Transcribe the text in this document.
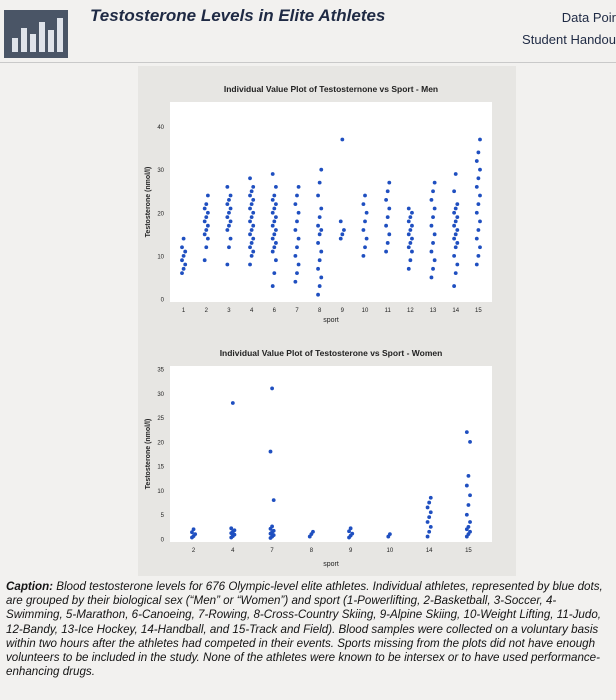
Testosterone Levels in Elite Athletes	Data Poir
Student Handou
Individual Value Plot of Testosternone vs Sport - Men
0
10
20
30
40
1	2	3	4	6	7	8	9	10	11	12	13	14	15
sport
Testosterone (nmol/l)
Individual Value Plot of Testosterone vs Sport - Women
0
5
10
15
20
25
30
35
2	4	7	8	9	10	14	15
sport
Testosterone (nmol/l)
Caption: Blood testosterone levels for 676 Olympic-level elite athletes. Individual athletes, represented by blue dots, are grouped by their biological sex (“Men” or “Women”) and sport (1-Powerlifting, 2-Basketball, 3-Soccer, 4-Swimming, 5-Marathon, 6-Canoeing, 7-Rowing, 8-Cross-Country Skiing, 9-Alpine Skiing, 10-Weight Lifting, 11-Judo, 12-Bandy, 13-Ice Hockey, 14-Handball, and 15-Track and Field). Blood samples were collected on a voluntary basis within two hours after the athletes had competed in their events. Sports missing from the plots did not have enough volunteers to be included in the study. None of the athletes were known to be intersex or to have used performance-enhancing drugs.
